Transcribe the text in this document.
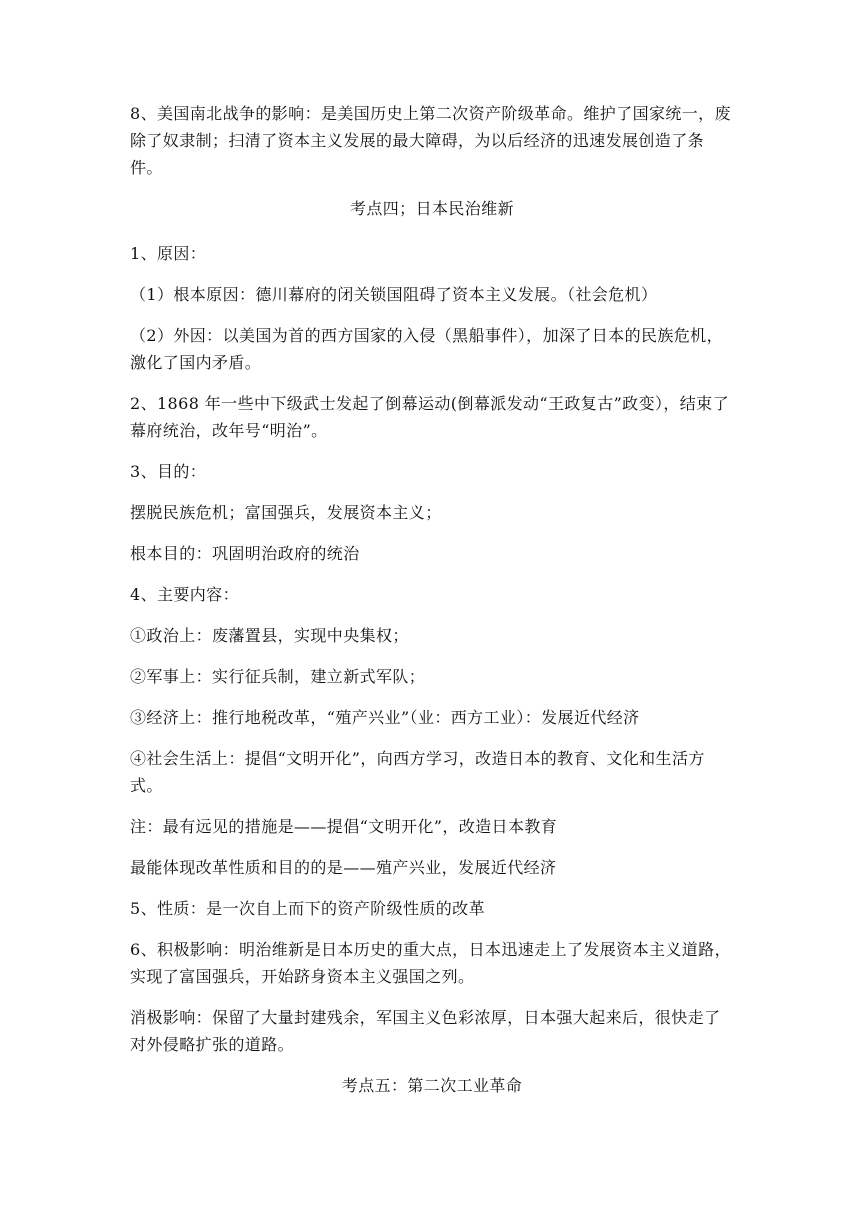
8、美国南北战争的影响：是美国历史上第二次资产阶级革命。维护了国家统一，废除了奴隶制；扫清了资本主义发展的最大障碍，为以后经济的迅速发展创造了条件。

考点四；日本民治维新

1、原因：

（1）根本原因：德川幕府的闭关锁国阻碍了资本主义发展。（社会危机）

（2）外因：以美国为首的西方国家的入侵（黑船事件），加深了日本的民族危机，激化了国内矛盾。

2、1868 年一些中下级武士发起了倒幕运动(倒幕派发动“王政复古”政变），结束了幕府统治，改年号“明治”。

3、目的：

摆脱民族危机；富国强兵，发展资本主义；

根本目的：巩固明治政府的统治

4、主要内容：

①政治上：废藩置县，实现中央集权；

②军事上：实行征兵制，建立新式军队；

③经济上：推行地税改革，“殖产兴业”（业：西方工业）：发展近代经济

④社会生活上：提倡“文明开化”，向西方学习，改造日本的教育、文化和生活方式。

注：最有远见的措施是——提倡“文明开化”，改造日本教育

最能体现改革性质和目的的是——殖产兴业，发展近代经济

5、性质：是一次自上而下的资产阶级性质的改革

6、积极影响：明治维新是日本历史的重大点，日本迅速走上了发展资本主义道路，实现了富国强兵，开始跻身资本主义强国之列。

消极影响：保留了大量封建残余，军国主义色彩浓厚，日本强大起来后，很快走了对外侵略扩张的道路。

考点五：第二次工业革命
